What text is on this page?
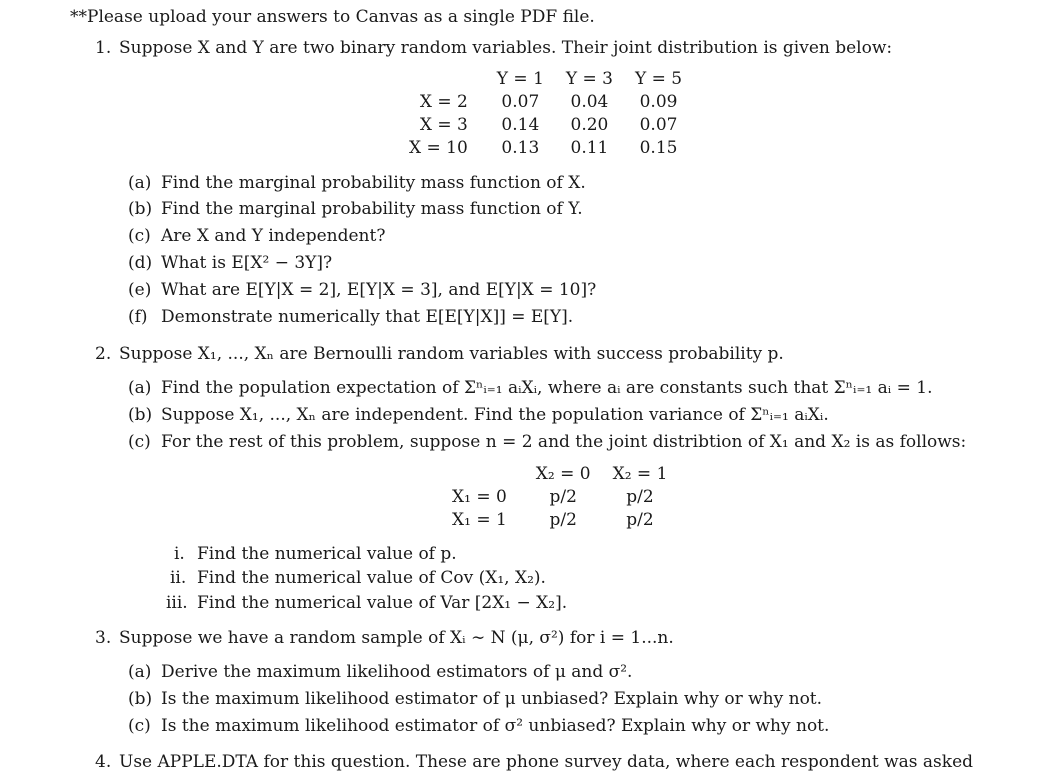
**Please upload your answers to Canvas as a single PDF file.
1. Suppose X and Y are two binary random variables. Their joint distribution is given below:
	Y = 1	Y = 3	Y = 5
X = 2	0.07	0.04	0.09
X = 3	0.14	0.20	0.07
X = 10	0.13	0.11	0.15
(a) Find the marginal probability mass function of X.
(b) Find the marginal probability mass function of Y.
(c) Are X and Y independent?
(d) What is E[X² − 3Y]?
(e) What are E[Y|X = 2], E[Y|X = 3], and E[Y|X = 10]?
(f) Demonstrate numerically that E[E[Y|X]] = E[Y].
2. Suppose X₁, ..., Xₙ are Bernoulli random variables with success probability p.
(a) Find the population expectation of Σⁿᵢ₌₁ aᵢXᵢ, where aᵢ are constants such that Σⁿᵢ₌₁ aᵢ = 1.
(b) Suppose X₁, ..., Xₙ are independent. Find the population variance of Σⁿᵢ₌₁ aᵢXᵢ.
(c) For the rest of this problem, suppose n = 2 and the joint distribtion of X₁ and X₂ is as follows:
	X₂ = 0	X₂ = 1
X₁ = 0	p/2	p/2
X₁ = 1	p/2	p/2
i. Find the numerical value of p.
ii. Find the numerical value of Cov (X₁, X₂).
iii. Find the numerical value of Var [2X₁ − X₂].
3. Suppose we have a random sample of Xᵢ ∼ N (μ, σ²) for i = 1...n.
(a) Derive the maximum likelihood estimators of μ and σ².
(b) Is the maximum likelihood estimator of μ unbiased? Explain why or why not.
(c) Is the maximum likelihood estimator of σ² unbiased? Explain why or why not.
4. Use APPLE.DTA for this question. These are phone survey data, where each respondent was asked
